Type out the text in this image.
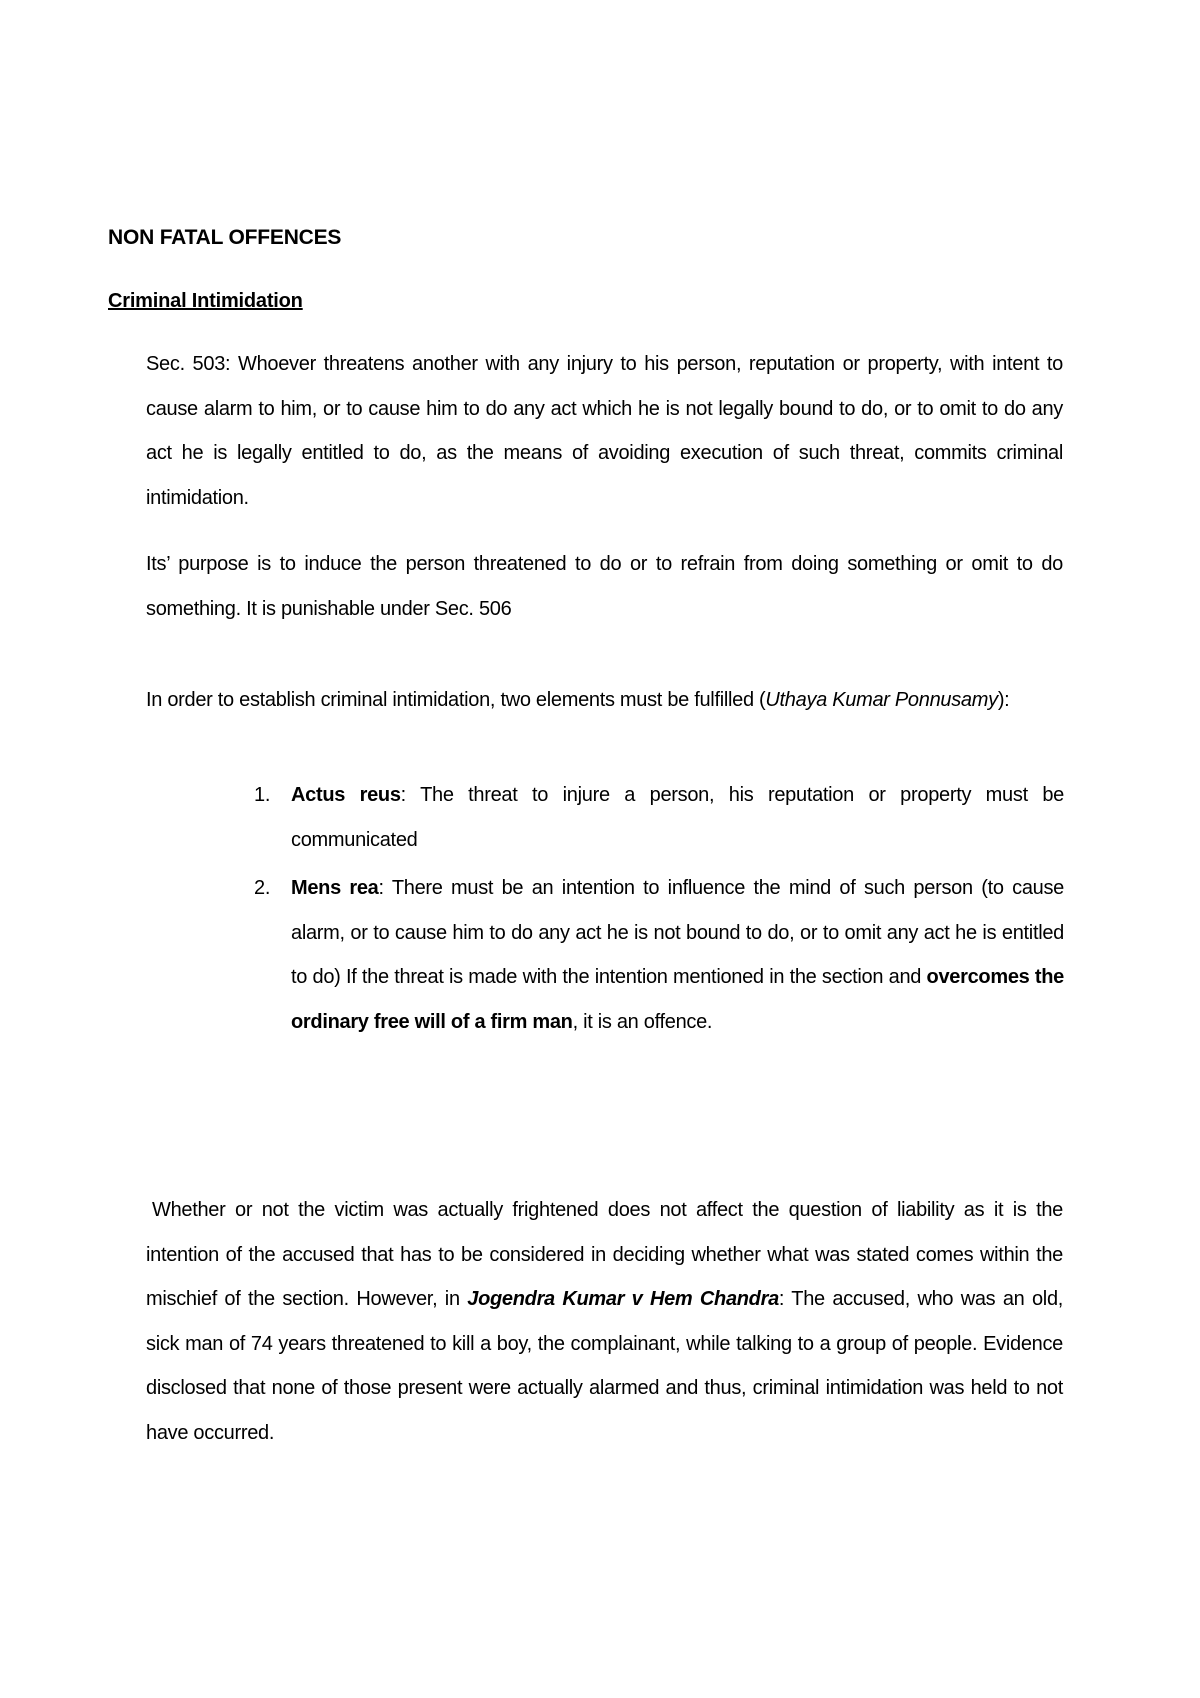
NON FATAL OFFENCES
Criminal Intimidation
Sec. 503: Whoever threatens another with any injury to his person, reputation or property, with intent to cause alarm to him, or to cause him to do any act which he is not legally bound to do, or to omit to do any act he is legally entitled to do, as the means of avoiding execution of such threat, commits criminal intimidation.
Its’ purpose is to induce the person threatened to do or to refrain from doing something or omit to do something. It is punishable under Sec. 506
In order to establish criminal intimidation, two elements must be fulfilled (Uthaya Kumar Ponnusamy):
1. Actus reus: The threat to injure a person, his reputation or property must be communicated
2. Mens rea: There must be an intention to influence the mind of such person (to cause alarm, or to cause him to do any act he is not bound to do, or to omit any act he is entitled to do) If the threat is made with the intention mentioned in the section and overcomes the ordinary free will of a firm man, it is an offence.
Whether or not the victim was actually frightened does not affect the question of liability as it is the intention of the accused that has to be considered in deciding whether what was stated comes within the mischief of the section. However, in Jogendra Kumar v Hem Chandra: The accused, who was an old, sick man of 74 years threatened to kill a boy, the complainant, while talking to a group of people. Evidence disclosed that none of those present were actually alarmed and thus, criminal intimidation was held to not have occurred.
